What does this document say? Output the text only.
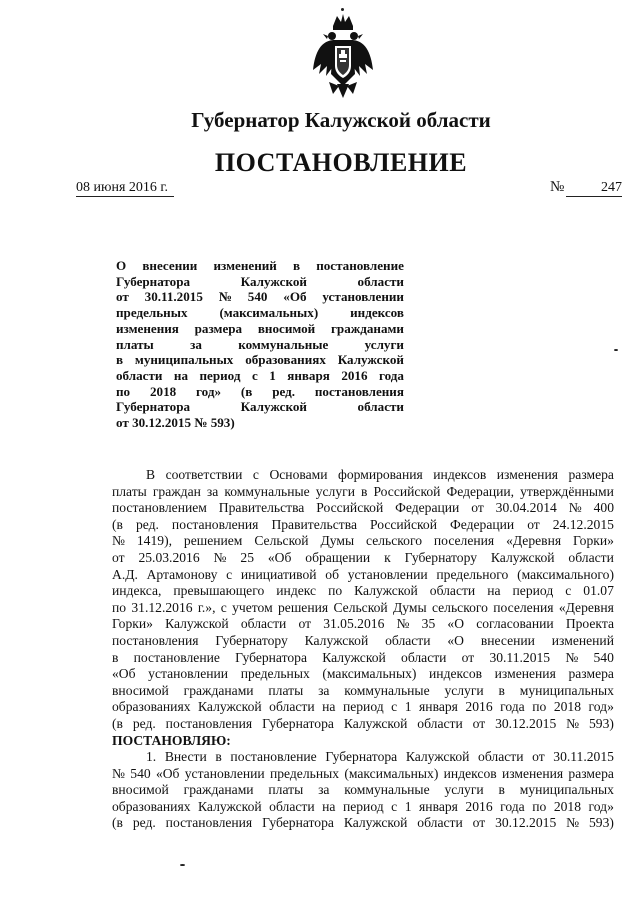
Губернатор Калужской области
ПОСТАНОВЛЕНИЕ
08 июня 2016 г.	№	247
О внесении изменений в постановление
Губернатора	Калужской	области
от 30.11.2015 № 540 «Об установлении
предельных (максимальных) индексов
изменения размера вносимой гражданами
платы	за	коммунальные	услуги
в муниципальных образованиях Калужской
области на период с 1 января 2016 года
по 2018 год» (в ред. постановления
Губернатора	Калужской	области
от 30.12.2015 № 593)
В соответствии с Основами формирования индексов изменения размера
платы граждан за коммунальные услуги в Российской Федерации, утверждёнными
постановлением Правительства Российской Федерации от 30.04.2014 № 400
(в ред. постановления Правительства Российской Федерации от 24.12.2015
№ 1419), решением Сельской Думы сельского поселения «Деревня Горки»
от 25.03.2016 № 25 «Об обращении к Губернатору Калужской области
А.Д. Артамонову с инициативой об установлении предельного (максимального)
индекса, превышающего индекс по Калужской области на период с 01.07
по 31.12.2016 г.», с учетом решения Сельской Думы сельского поселения «Деревня
Горки» Калужской области от 31.05.2016 № 35 «О согласовании Проекта
постановления Губернатору Калужской области «О внесении изменений
в постановление Губернатора Калужской области от 30.11.2015 № 540
«Об установлении предельных (максимальных) индексов изменения размера
вносимой гражданами платы за коммунальные услуги в муниципальных
образованиях Калужской области на период с 1 января 2016 года по 2018 год»
(в ред. постановления Губернатора Калужской области от 30.12.2015 № 593)
ПОСТАНОВЛЯЮ:
1. Внести в постановление Губернатора Калужской области от 30.11.2015
№ 540 «Об установлении предельных (максимальных) индексов изменения размера
вносимой гражданами платы за коммунальные услуги в муниципальных
образованиях Калужской области на период с 1 января 2016 года по 2018 год»
(в ред. постановления Губернатора Калужской области от 30.12.2015 № 593)
